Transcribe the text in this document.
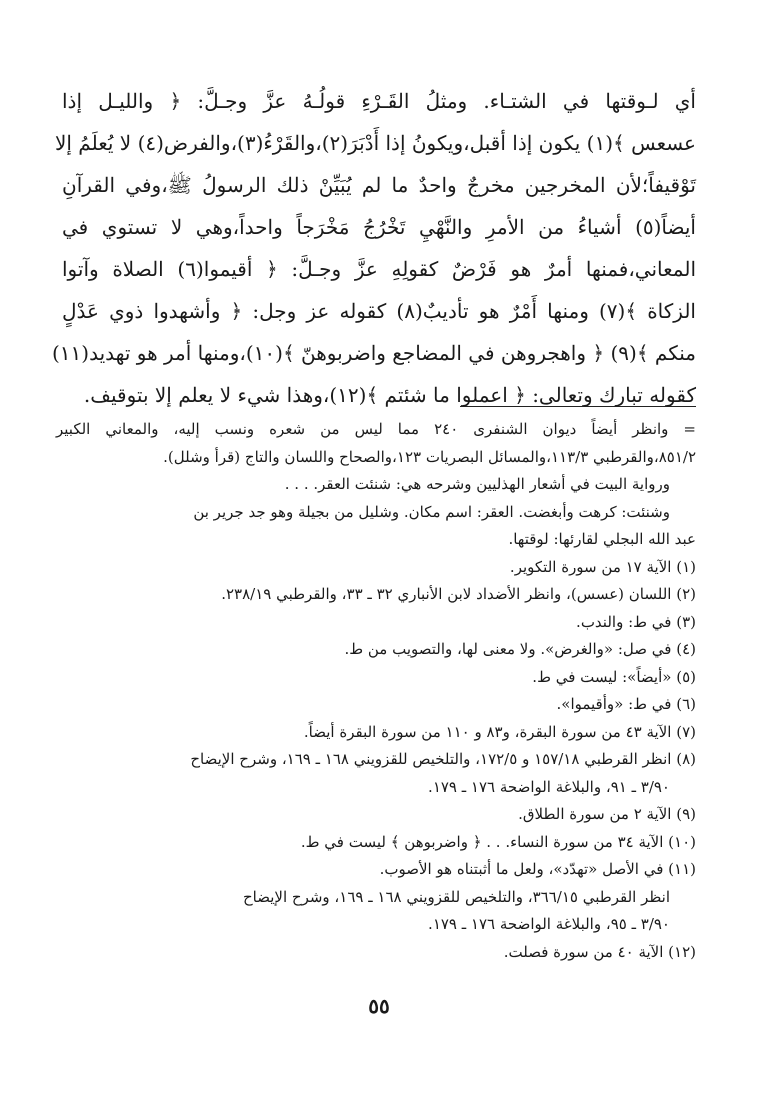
أي لـوقتها في الشتـاء. ومثلُ القَـرْءِ قولُـهُ عزَّ وجـلَّ: ﴿ والليـل إذا
عسعس ﴾(١) يكون إذا أقبل،ويكونُ إذا أَدْبَرَ(٢)،والقَرْءُ(٣)،والفرض(٤) لا يُعلَمُ إلا
تَوْقيفاً؛لأن المخرجين مخرجٌ واحدٌ ما لم يُبَيِّنْ ذلك الرسولُ ﷺ،وفي القرآنِ
أيضاً(٥) أشياءُ من الأمرِ والنَّهْيِ تَخْرُجُ مَخْرَجاً واحداً،وهي لا تستوي في
المعاني،فمنها أمرٌ هو فَرْضٌ كقولِهِ عزَّ وجـلَّ: ﴿ أقيموا(٦) الصلاة وآتوا
الزكاة ﴾(٧) ومنها أَمْرٌ هو تأديبٌ(٨) كقوله عز وجل: ﴿ وأشهدوا ذوي عَدْلٍ
منكم ﴾(٩) ﴿ واهجروهن في المضاجع واضربوهنّ ﴾(١٠)،ومنها أمر هو تهديد(١١)
كقوله تبارك وتعالى: ﴿ اعملوا ما شئتم ﴾(١٢)،وهذا شيء لا يعلم إلا بتوقيف.
= وانظر أيضاً ديوان الشنفرى ٢٤٠ مما ليس من شعره ونسب إليه، والمعاني الكبير
٨٥١/٢،والقرطبي ١١٣/٣،والمسائل البصريات ١٢٣،والصحاح واللسان والتاج (قرأ وشلل).
ورواية البيت في أشعار الهذليين وشرحه هي: شنئت العقر. . . .
وشنئت: كرهت وأبغضت. العقر: اسم مكان. وشليل من بجيلة وهو جد جرير بن
عبد الله البجلي لقارئها: لوقتها.
(١) الآية ١٧ من سورة التكوير.
(٢) اللسان (عسس)، وانظر الأضداد لابن الأنباري ٣٢ ـ ٣٣، والقرطبي ٢٣٨/١٩.
(٣) في ط: والندب.
(٤) في صل: «والغرض». ولا معنى لها، والتصويب من ط.
(٥) «أيضاً»: ليست في ط.
(٦) في ط: «وأقيموا».
(٧) الآية ٤٣ من سورة البقرة، و٨٣ و ١١٠ من سورة البقرة أيضاً.
(٨) انظر القرطبي ١٥٧/١٨ و ١٧٢/٥، والتلخيص للقزويني ١٦٨ ـ ١٦٩، وشرح الإيضاح
٣/٩٠ ـ ٩١، والبلاغة الواضحة ١٧٦ ـ ١٧٩.
(٩) الآية ٢ من سورة الطلاق.
(١٠) الآية ٣٤ من سورة النساء. . . ﴿ واضربوهن ﴾ ليست في ط.
(١١) في الأصل «تهدّد»، ولعل ما أثبتناه هو الأصوب.
انظر القرطبي ٣٦٦/١٥، والتلخيص للقزويني ١٦٨ ـ ١٦٩، وشرح الإيضاح
٣/٩٠ ـ ٩٥، والبلاغة الواضحة ١٧٦ ـ ١٧٩.
(١٢) الآية ٤٠ من سورة فصلت.
٥٥
